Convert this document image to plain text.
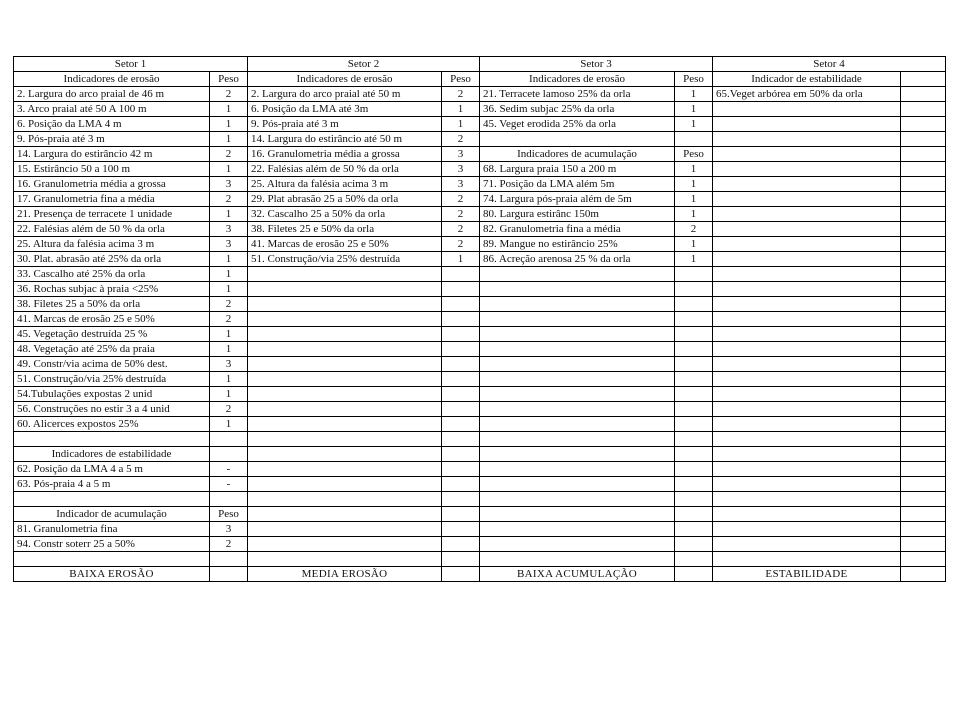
Setor 1		Setor 2		Setor 3		Setor 4	
Indicadores de erosão	Peso	Indicadores de erosão	Peso	Indicadores de erosão	Peso	Indicador de estabilidade	
2. Largura do arco praial de 46 m	2	2. Largura do arco praial até 50 m	2	21. Terracete lamoso 25% da orla	1	65.Veget arbórea em 50% da orla	
3. Arco praial até 50 A 100 m	1	6. Posição da LMA até 3m	1	36. Sedim subjac 25% da orla	1		
6. Posição da LMA 4 m	1	9. Pós-praia até 3 m	1	45. Veget erodida 25% da orla	1		
9. Pós-praia até 3 m	1	14. Largura do estirâncio até 50 m	2				
14. Largura do estirâncio 42 m	2	16. Granulometria média a grossa	3	Indicadores de acumulação	Peso		
15. Estirâncio 50 a 100 m	1	22. Falésias além de 50 % da orla	3	68. Largura praia 150 a 200 m	1		
16. Granulometria média a grossa	3	25. Altura da falésia acima 3 m	3	71. Posição da LMA além 5m	1		
17. Granulometria fina a média	2	29. Plat abrasão 25 a 50% da orla	2	74. Largura pós-praia além de 5m	1		
21. Presença de terracete 1 unidade	1	32. Cascalho 25 a 50% da orla	2	80. Largura estirânc 150m	1		
22. Falésias além de 50 % da orla	3	38. Filetes 25 e 50% da orla	2	82. Granulometria fina a média	2		
25. Altura da falésia acima 3 m	3	41. Marcas de erosão 25 e 50%	2	89. Mangue no estirâncio 25%	1		
30. Plat. abrasão até 25% da orla	1	51. Construção/via 25% destruída	1	86. Acreção arenosa 25 % da orla	1		
33. Cascalho até 25% da orla	1						
36. Rochas subjac à praia <25%	1						
38. Filetes 25 a 50% da orla	2						
41. Marcas de erosão 25 e 50%	2						
45. Vegetação destruída 25 %	1						
48. Vegetação até 25% da praia	1						
49. Constr/via acima de 50% dest.	3						
51. Construção/via 25% destruída	1						
54.Tubulações expostas 2 unid	1						
56. Construções no estir 3 a 4 unid	2						
60. Alicerces expostos 25%	1						

Indicadores de estabilidade							
62. Posição da LMA 4 a 5 m	-						
63. Pós-praia 4 a 5 m	-						

Indicador de acumulação	Peso						
81. Granulometria fina	3						
94. Constr soterr 25 a 50%	2						

BAIXA EROSÃO		MEDIA EROSÃO		BAIXA ACUMULAÇÃO		ESTABILIDADE	
